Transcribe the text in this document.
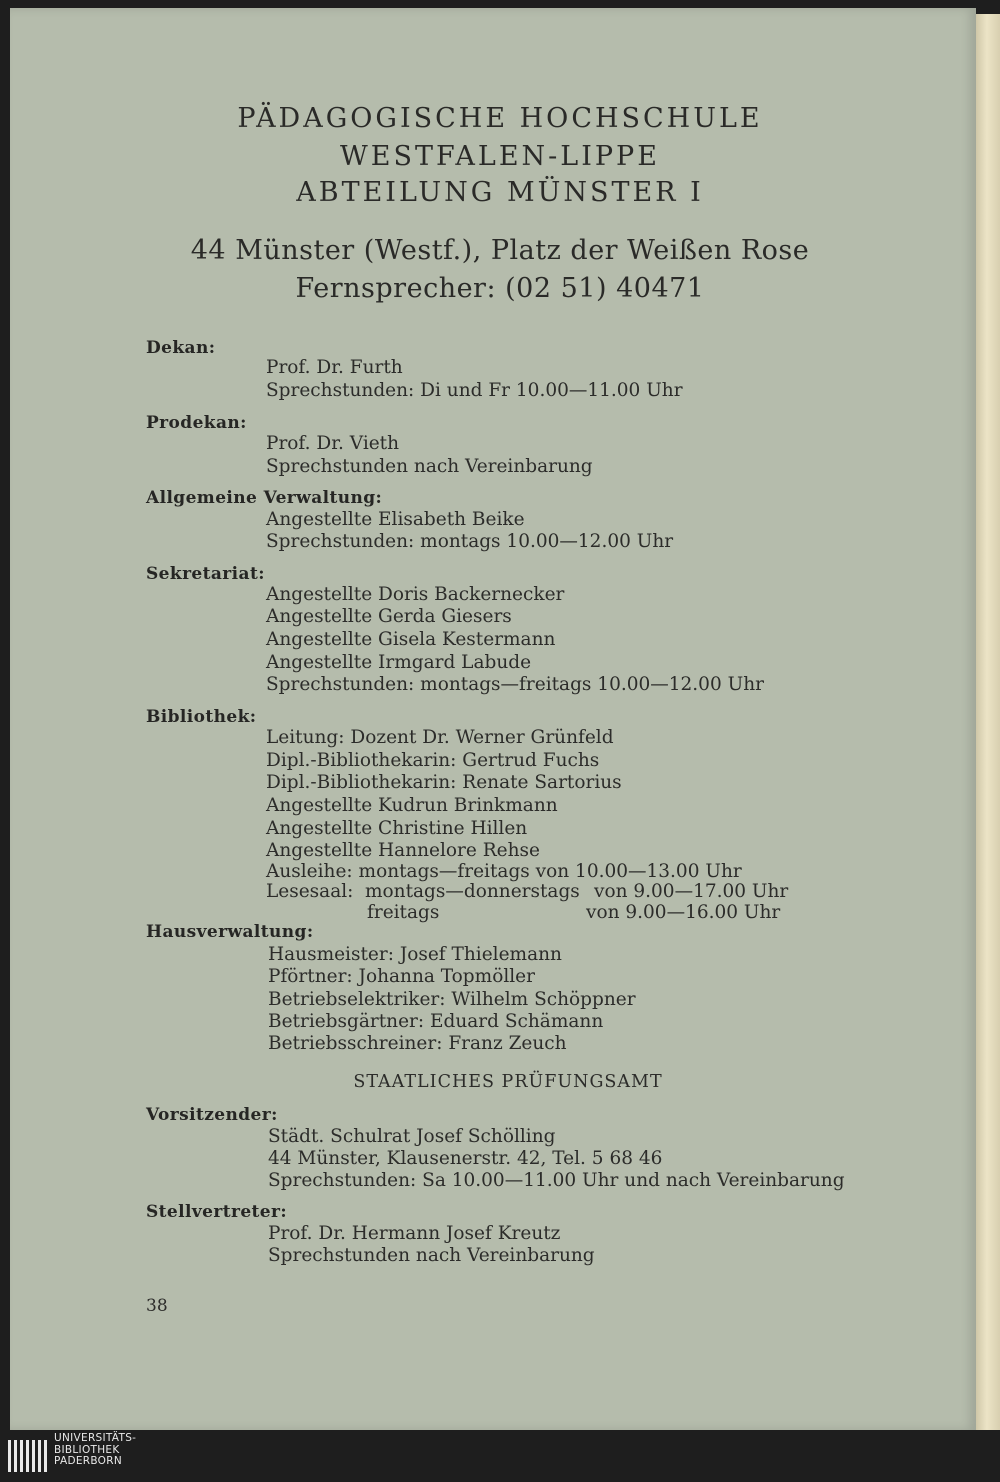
PÄDAGOGISCHE HOCHSCHULE
WESTFALEN-LIPPE
ABTEILUNG MÜNSTER I
44 Münster (Westf.), Platz der Weißen Rose
Fernsprecher: (02 51) 40471
Dekan:
Prof. Dr. Furth
Sprechstunden: Di und Fr 10.00—11.00 Uhr
Prodekan:
Prof. Dr. Vieth
Sprechstunden nach Vereinbarung
Allgemeine Verwaltung:
Angestellte Elisabeth Beike
Sprechstunden: montags 10.00—12.00 Uhr
Sekretariat:
Angestellte Doris Backernecker
Angestellte Gerda Giesers
Angestellte Gisela Kestermann
Angestellte Irmgard Labude
Sprechstunden: montags—freitags 10.00—12.00 Uhr
Bibliothek:
Leitung: Dozent Dr. Werner Grünfeld
Dipl.-Bibliothekarin: Gertrud Fuchs
Dipl.-Bibliothekarin: Renate Sartorius
Angestellte Kudrun Brinkmann
Angestellte Christine Hillen
Angestellte Hannelore Rehse
Ausleihe: montags—freitags von 10.00—13.00 Uhr
Lesesaal: montags—donnerstags von 9.00—17.00 Uhr
freitags	von 9.00—16.00 Uhr
Hausverwaltung:
Hausmeister: Josef Thielemann
Pförtner: Johanna Topmöller
Betriebselektriker: Wilhelm Schöppner
Betriebsgärtner: Eduard Schämann
Betriebsschreiner: Franz Zeuch
STAATLICHES PRÜFUNGSAMT
Vorsitzender:
Städt. Schulrat Josef Schölling
44 Münster, Klausenerstr. 42, Tel. 5 68 46
Sprechstunden: Sa 10.00—11.00 Uhr und nach Vereinbarung
Stellvertreter:
Prof. Dr. Hermann Josef Kreutz
Sprechstunden nach Vereinbarung
38
UNIVERSITÄTS-
BIBLIOTHEK
PADERBORN
